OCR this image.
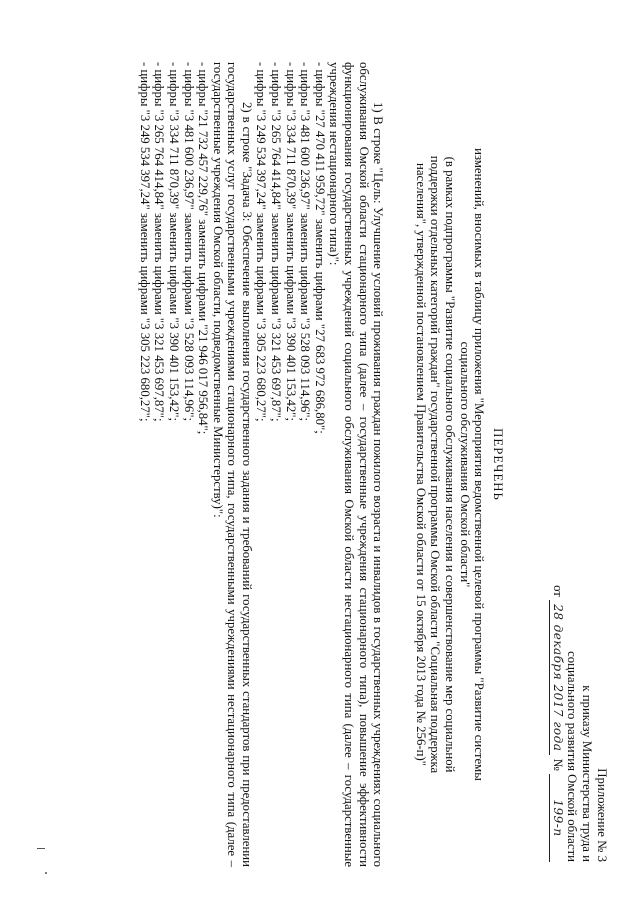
Приложение № 3
к приказу Министерства труда и
социального развития Омской области
от 28 декабря 2017 года № 199-п
ПЕРЕЧЕНЬ
изменений, вносимых в таблицу приложения "Мероприятия ведомственной целевой программы "Развитие системы
социального обслуживания Омской области"
(в рамках подпрограммы "Развитие социального обслуживания населения и совершенствование мер социальной
поддержки отдельных категорий граждан" государственной программы Омской области "Социальная поддержка
населения", утвержденной постановлением Правительства Омской области от 15 октября 2013 года № 256-п)"

1) В строке "Цель: Улучшение условий проживания граждан пожилого возраста и инвалидов в государственных учреждениях социального обслуживания Омской области стационарного типа (далее – государственные учреждения стационарного типа), повышение эффективности функционирования государственных учреждений социального обслуживания Омской области нестационарного типа (далее – государственные учреждения нестационарного типа)":

- цифры "27 470 411 959,72" заменить цифрами "27 683 972 686,80";
- цифры "3 481 600 236,97" заменить цифрами "3 528 093 114,96";
- цифры "3 334 711 870,39" заменить цифрами "3 390 401 153,42";
- цифры "3 265 764 414,84" заменить цифрами "3 321 453 697,87";
- цифры "3 249 534 397,24" заменить цифрами "3 305 223 680,27";

2) в строке "Задача 3: Обеспечение выполнения государственного задания и требований государственных стандартов при предоставлении государственных услуг государственными учреждениями стационарного типа, государственными учреждениями нестационарного типа (далее – государственные учреждения Омской области, подведомственные Министерству)":

- цифры "21 732 457 229,76" заменить цифрами "21 946 017 956,84";
- цифры "3 481 600 236,97" заменить цифрами "3 528 093 114,96";
- цифры "3 334 711 870,39" заменить цифрами "3 390 401 153,42";
- цифры "3 265 764 414,84" заменить цифрами "3 321 453 697,87";
- цифры "3 249 534 397,24" заменить цифрами "3 305 223 680,27";
